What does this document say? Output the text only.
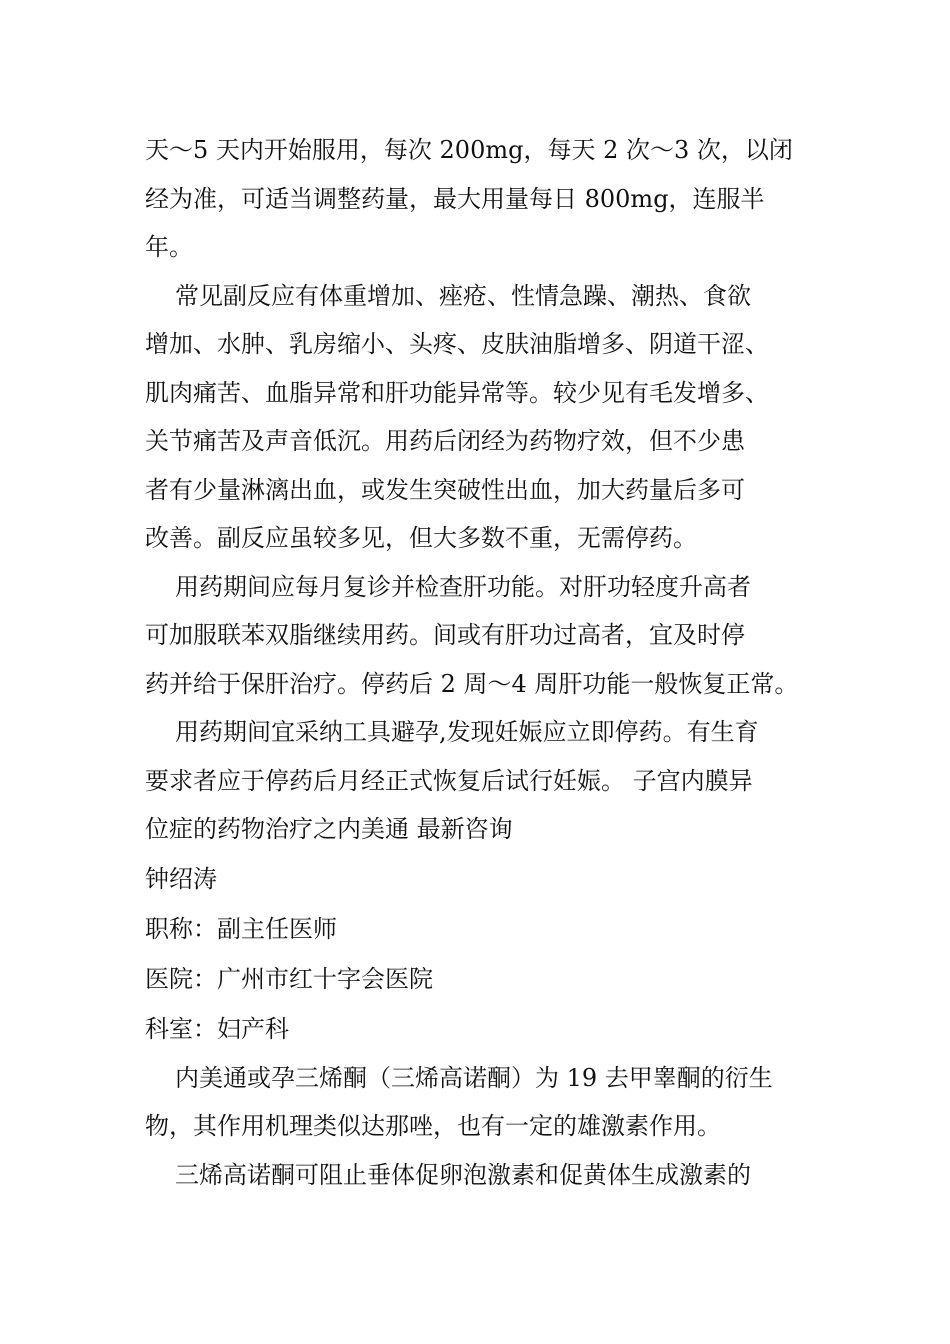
天～5 天内开始服用，每次 200mg，每天 2 次～3 次，以闭
经为准，可适当调整药量，最大用量每日 800mg，连服半
年。

常见副反应有体重增加、痤疮、性情急躁、潮热、食欲
增加、水肿、乳房缩小、头疼、皮肤油脂增多、阴道干涩、
肌肉痛苦、血脂异常和肝功能异常等。较少见有毛发增多、
关节痛苦及声音低沉。用药后闭经为药物疗效，但不少患
者有少量淋漓出血，或发生突破性出血，加大药量后多可
改善。副反应虽较多见，但大多数不重，无需停药。

用药期间应每月复诊并检查肝功能。对肝功轻度升高者
可加服联苯双脂继续用药。间或有肝功过高者，宜及时停
药并给于保肝治疗。停药后 2 周～4 周肝功能一般恢复正常。

用药期间宜采纳工具避孕,发现妊娠应立即停药。有生育
要求者应于停药后月经正式恢复后试行妊娠。 子宫内膜异
位症的药物治疗之内美通 最新咨询

钟绍涛

职称：副主任医师

医院：广州市红十字会医院

科室：妇产科

内美通或孕三烯酮（三烯高诺酮）为 19 去甲睾酮的衍生
物，其作用机理类似达那唑，也有一定的雄激素作用。

三烯高诺酮可阻止垂体促卵泡激素和促黄体生成激素的
